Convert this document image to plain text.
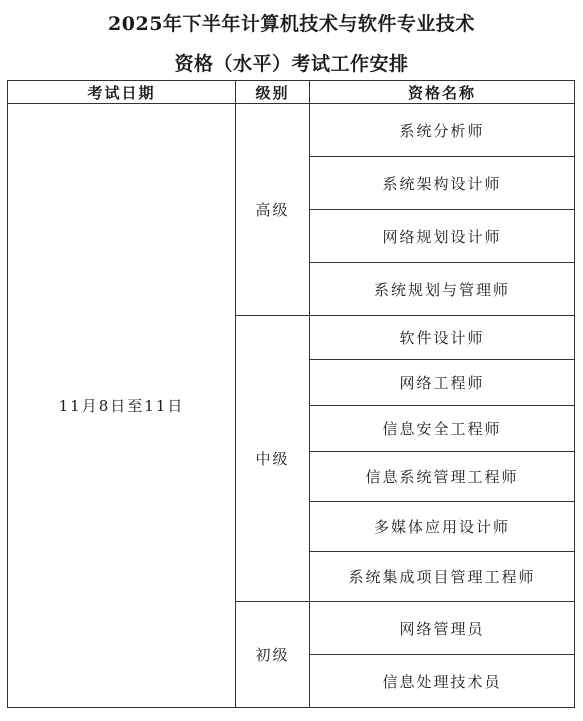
2025年下半年计算机技术与软件专业技术
资格（水平）考试工作安排
考试日期	级别	资格名称
11月8日至11日	高级	系统分析师
		系统架构设计师
		网络规划设计师
		系统规划与管理师
	中级	软件设计师
		网络工程师
		信息安全工程师
		信息系统管理工程师
		多媒体应用设计师
		系统集成项目管理工程师
	初级	网络管理员
		信息处理技术员
